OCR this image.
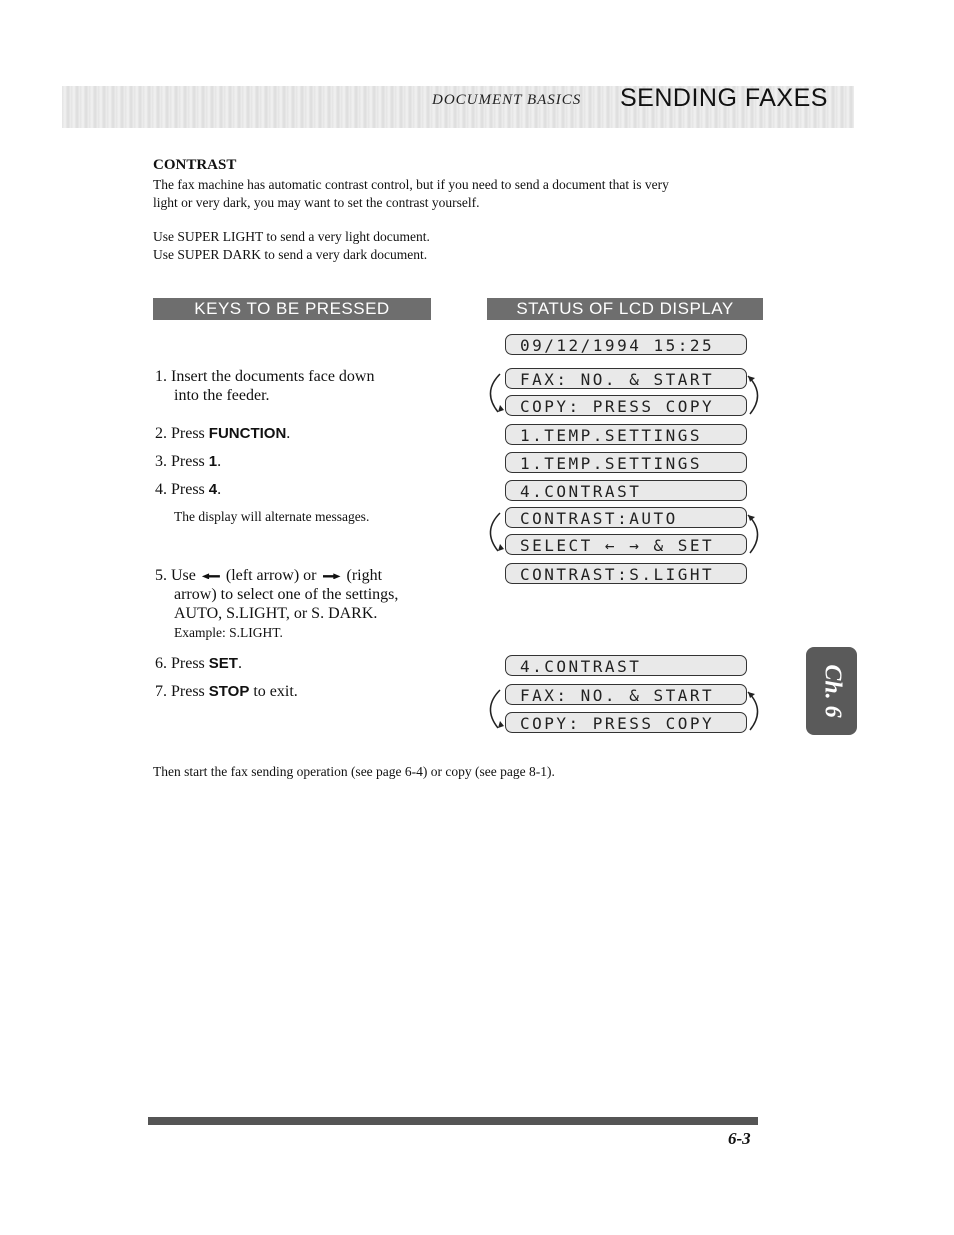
DOCUMENT BASICS SENDING FAXES
CONTRAST
The fax machine has automatic contrast control, but if you need to send a document that is very
light or very dark, you may want to set the contrast yourself.
Use SUPER LIGHT to send a very light document.
Use SUPER DARK to send a very dark document.
KEYS TO BE PRESSED	STATUS OF LCD DISPLAY
1. Insert the documents face down
into the feeder.
2. Press FUNCTION.
3. Press 1.
4. Press 4.
The display will alternate messages.
5. Use (left arrow) or (right
arrow) to select one of the settings,
AUTO, S.LIGHT, or S. DARK.
Example: S.LIGHT.
6. Press SET.
7. Press STOP to exit.
09/12/1994 15:25
FAX: NO. & START
COPY: PRESS COPY
1.TEMP.SETTINGS
1.TEMP.SETTINGS
4.CONTRAST
CONTRAST:AUTO
SELECT ← → & SET
CONTRAST:S.LIGHT
4.CONTRAST
FAX: NO. & START
COPY: PRESS COPY
Then start the fax sending operation (see page 6-4) or copy (see page 8-1).
Ch. 6
6-3
